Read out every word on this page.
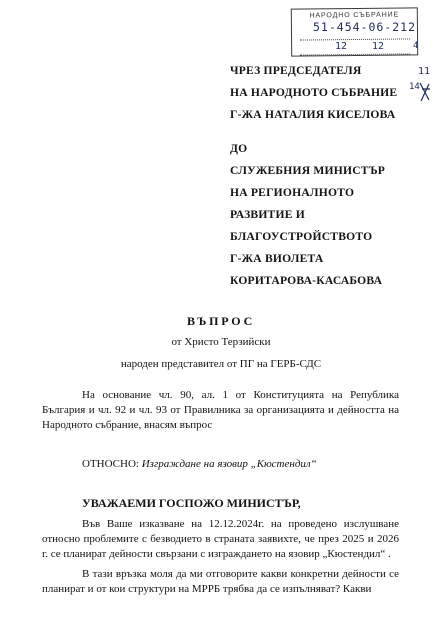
НАРОДНО СЪБРАНИЕ
51-454-06-212
12 12	4
11
14
ЧРЕЗ ПРЕДСЕДАТЕЛЯ
НА НАРОДНОТО СЪБРАНИЕ
Г-ЖА НАТАЛИЯ КИСЕЛОВА
ДО
СЛУЖЕБНИЯ МИНИСТЪР
НА РЕГИОНАЛНОТО
РАЗВИТИЕ И
БЛАГОУСТРОЙСТВОТО
Г-ЖА ВИОЛЕТА
КОРИТАРОВА-КАСАБОВА
ВЪПРОС
от Христо Терзийски
народен представител от ПГ на ГЕРБ-СДС
На основание чл. 90, ал. 1 от Конституцията на Република България и чл. 92 и чл. 93 от Правилника за организацията и дейността на Народното събрание, внасям въпрос
ОТНОСНО: Изграждане на язовир „Кюстендил“
УВАЖАЕМИ ГОСПОЖО МИНИСТЪР,
Във Ваше изказване на 12.12.2024г. на проведено изслушване относно проблемите с безводието в страната заявихте, че през 2025 и 2026 г. се планират дейности свързани с изграждането на язовир „Кюстендил“ .
В тази връзка моля да ми отговорите какви конкретни дейности се планират и от кои структури на МРРБ трябва да се изпълняват? Какви
